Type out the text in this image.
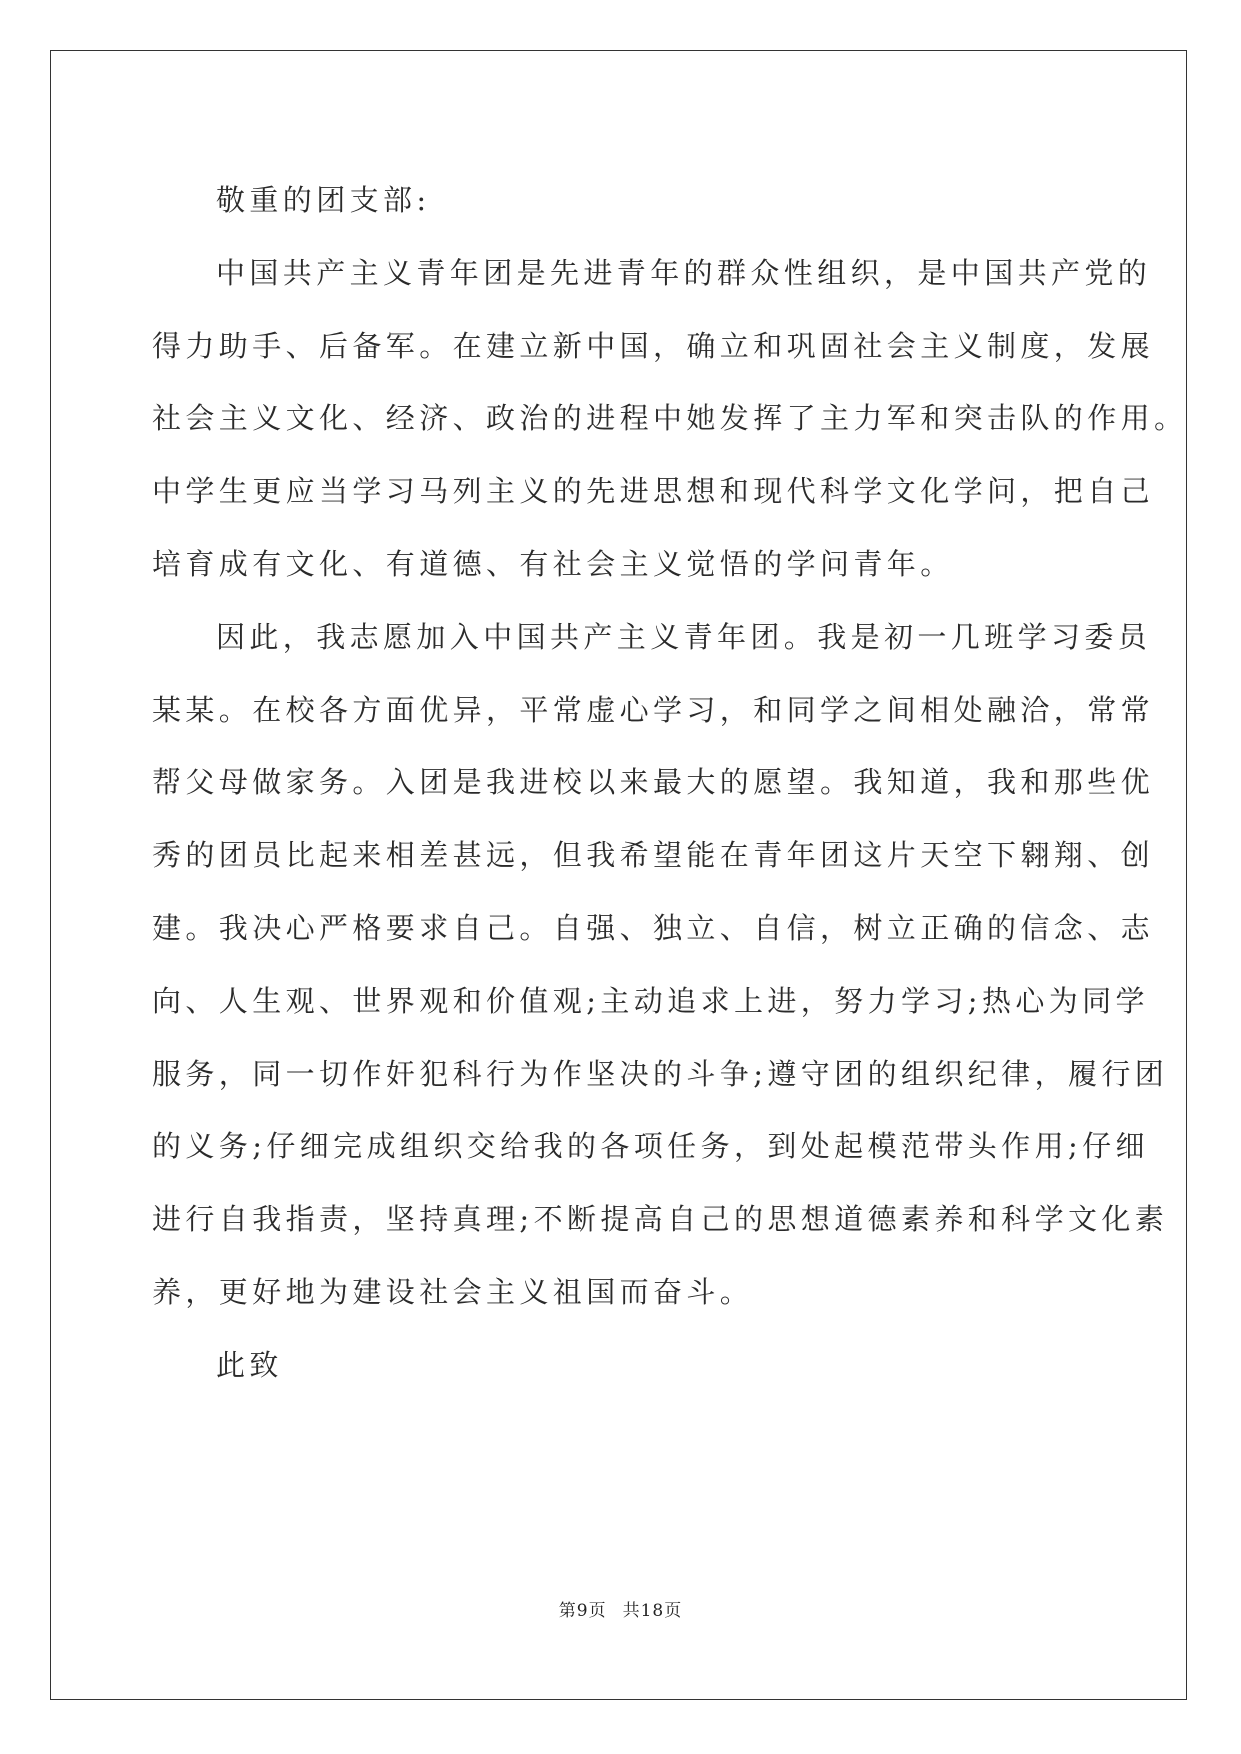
敬重的团支部:
中国共产主义青年团是先进青年的群众性组织，是中国共产党的
得力助手、后备军。在建立新中国，确立和巩固社会主义制度，发展
社会主义文化、经济、政治的进程中她发挥了主力军和突击队的作用。
中学生更应当学习马列主义的先进思想和现代科学文化学问，把自己
培育成有文化、有道德、有社会主义觉悟的学问青年。
因此，我志愿加入中国共产主义青年团。我是初一几班学习委员
某某。在校各方面优异，平常虚心学习，和同学之间相处融洽，常常
帮父母做家务。入团是我进校以来最大的愿望。我知道，我和那些优
秀的团员比起来相差甚远，但我希望能在青年团这片天空下翱翔、创
建。我决心严格要求自己。自强、独立、自信，树立正确的信念、志
向、人生观、世界观和价值观;主动追求上进，努力学习;热心为同学
服务，同一切作奸犯科行为作坚决的斗争;遵守团的组织纪律，履行团
的义务;仔细完成组织交给我的各项任务，到处起模范带头作用;仔细
进行自我指责，坚持真理;不断提高自己的思想道德素养和科学文化素
养，更好地为建设社会主义祖国而奋斗。
此致
第9页 共18页
